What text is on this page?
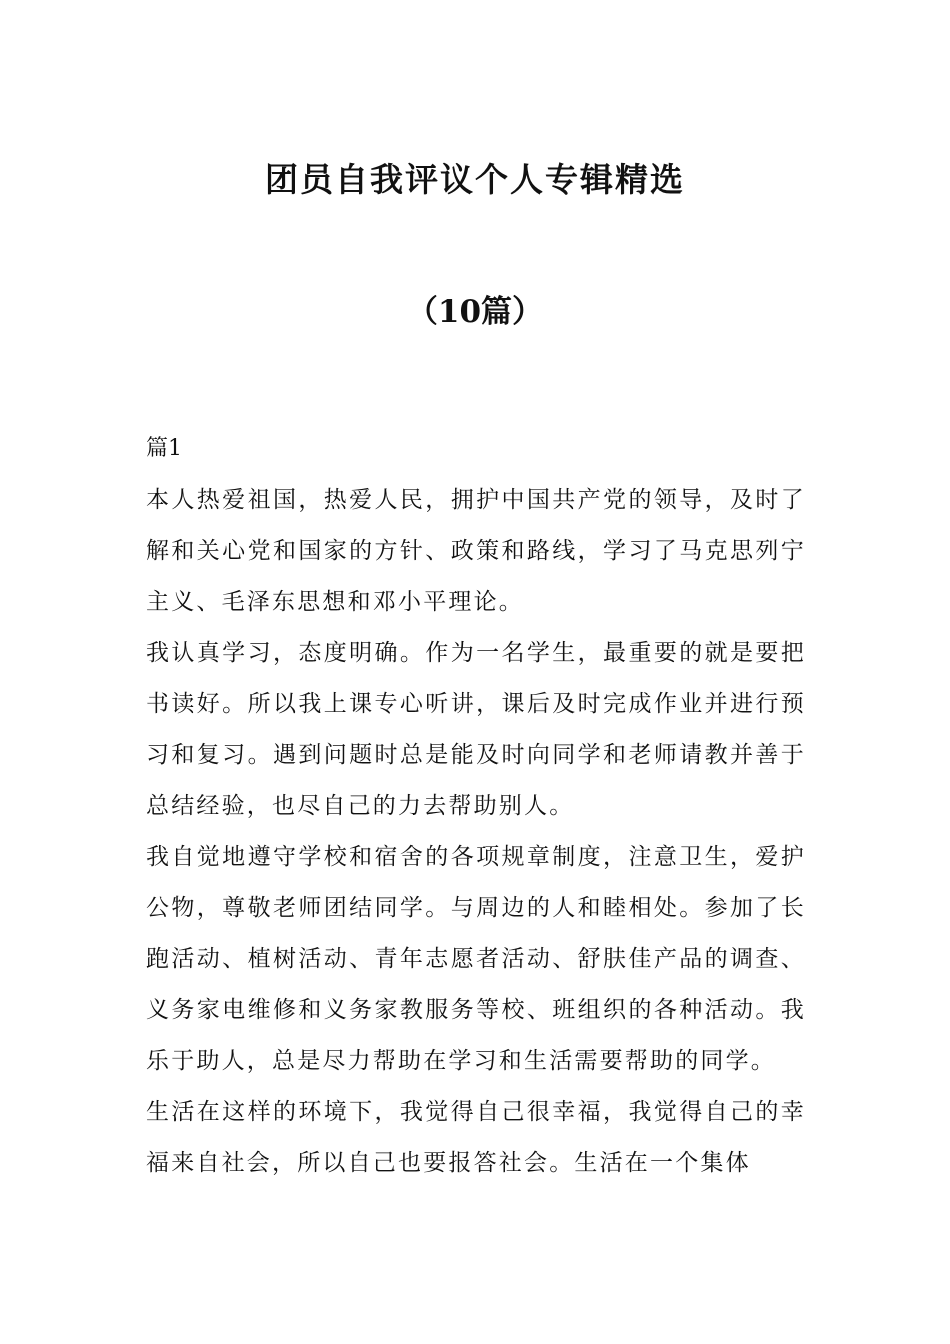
团员自我评议个人专辑精选
（10篇）
篇1

本人热爱祖国，热爱人民，拥护中国共产党的领导，及时了解和关心党和国家的方针、政策和路线，学习了马克思列宁主义、毛泽东思想和邓小平理论。

我认真学习，态度明确。作为一名学生，最重要的就是要把书读好。所以我上课专心听讲，课后及时完成作业并进行预习和复习。遇到问题时总是能及时向同学和老师请教并善于总结经验，也尽自己的力去帮助别人。

我自觉地遵守学校和宿舍的各项规章制度，注意卫生，爱护公物，尊敬老师团结同学。与周边的人和睦相处。参加了长跑活动、植树活动、青年志愿者活动、舒肤佳产品的调查、义务家电维修和义务家教服务等校、班组织的各种活动。我乐于助人，总是尽力帮助在学习和生活需要帮助的同学。

生活在这样的环境下，我觉得自己很幸福，我觉得自己的幸福来自社会，所以自己也要报答社会。生活在一个集体
